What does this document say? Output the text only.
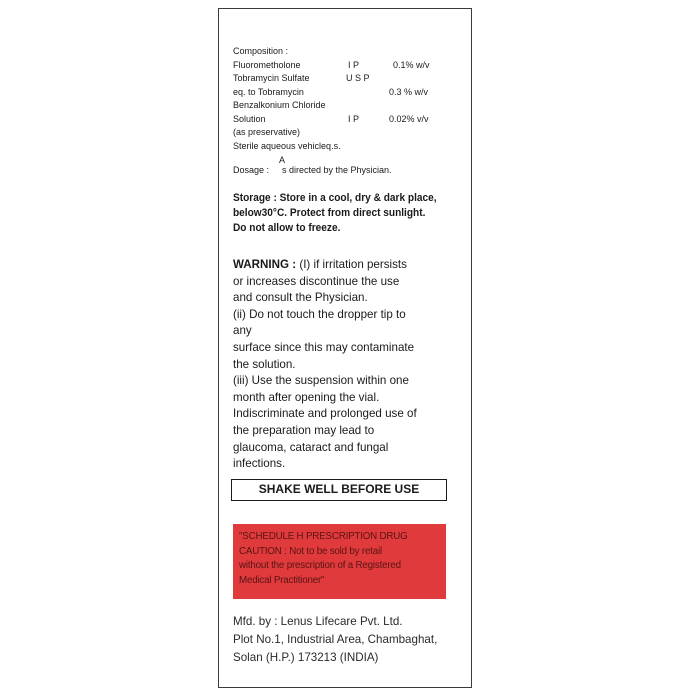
Composition :
Fluorometholone	I P	0.1% w/v
Tobramycin Sulfate	U S P
eq. to Tobramycin	0.3 % w/v
Benzalkonium Chloride
Solution	I P	0.02% v/v
(as preservative)
Sterile aqueous vehicleq.s.
Dosage :
A
s directed by the Physician.
Storage : Store in a cool, dry & dark place,
below30°C. Protect from direct sunlight.
Do not allow to freeze.
WARNING : (I) if irritation persists
or increases discontinue the use
and consult the Physician.
(ii) Do not touch the dropper tip to
any
surface since this may contaminate
the solution.
(iii) Use the suspension within one
month after opening the vial.
Indiscriminate and prolonged use of
the preparation may lead to
glaucoma, cataract and fungal
infections.
SHAKE WELL BEFORE USE
"SCHEDULE H PRESCRIPTION DRUG
CAUTION : Not to be sold by retail
without the prescription of a Registered
Medical Practitioner"
Mfd. by : Lenus Lifecare Pvt. Ltd.
Plot No.1, Industrial Area, Chambaghat,
Solan (H.P.) 173213 (INDIA)
